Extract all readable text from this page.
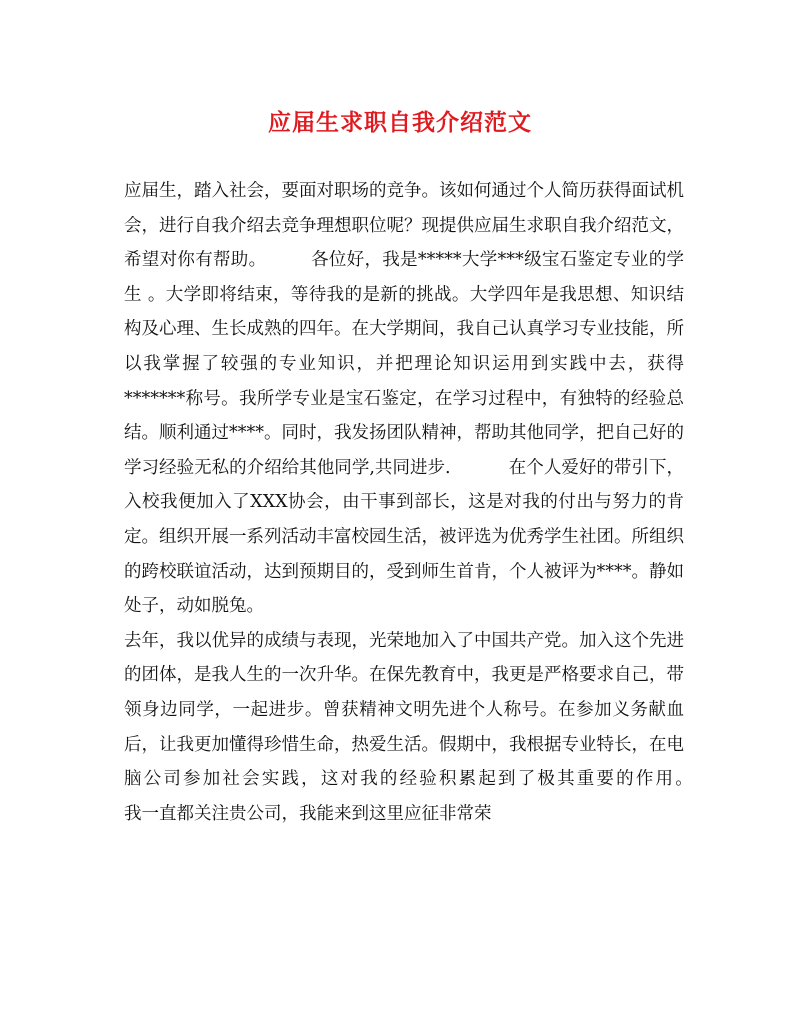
应届生求职自我介绍范文

应届生，踏入社会，要面对职场的竞争。该如何通过个人简历获得面试机会，进行自我介绍去竞争理想职位呢？现提供应届生求职自我介绍范文，希望对你有帮助。　　　各位好，我是*****大学***级宝石鉴定专业的学生 。大学即将结束，等待我的是新的挑战。大学四年是我思想、知识结构及心理、生长成熟的四年。在大学期间，我自己认真学习专业技能，所以我掌握了较强的专业知识，并把理论知识运用到实践中去，获得*******称号。我所学专业是宝石鉴定，在学习过程中，有独特的经验总结。顺利通过****。同时，我发扬团队精神，帮助其他同学，把自己好的学习经验无私的介绍给其他同学,共同进步.　　　 在个人爱好的带引下，入校我便加入了XXX协会，由干事到部长，这是对我的付出与努力的肯定。组织开展一系列活动丰富校园生活，被评选为优秀学生社团。所组织的跨校联谊活动，达到预期目的，受到师生首肯，个人被评为****。静如处子，动如脱兔。

去年，我以优异的成绩与表现，光荣地加入了中国共产党。加入这个先进的团体，是我人生的一次升华。在保先教育中，我更是严格要求自己，带领身边同学，一起进步。曾获精神文明先进个人称号。在参加义务献血后，让我更加懂得珍惜生命，热爱生活。假期中，我根据专业特长，在电脑公司参加社会实践，这对我的经验积累起到了极其重要的作用。　　　我一直都关注贵公司，我能来到这里应征非常荣
